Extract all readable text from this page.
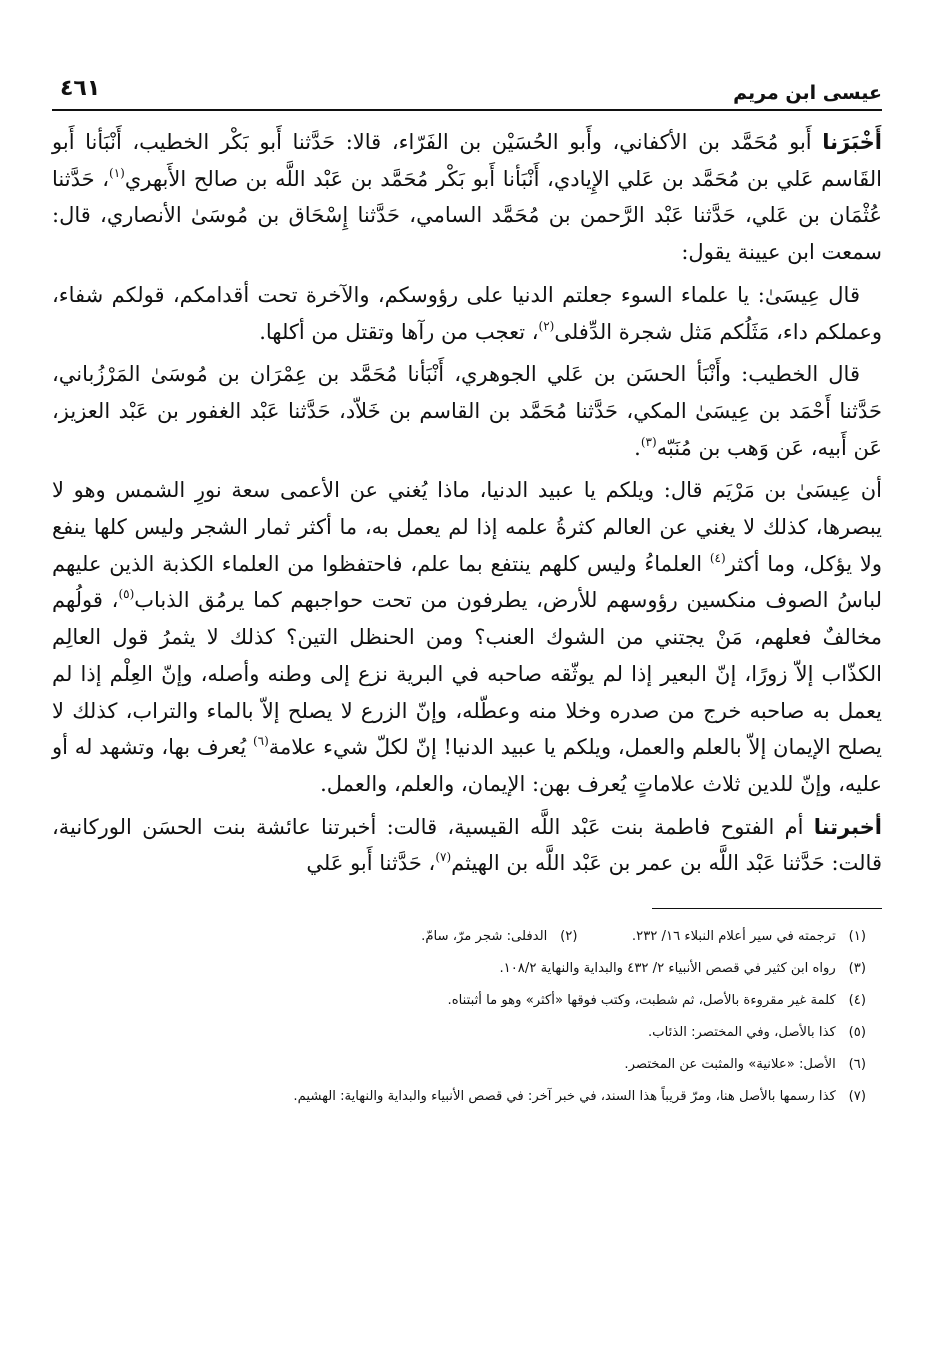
عيسى ابن مريم
٤٦١

أَخْبَرَنا أَبو مُحَمَّد بن الأكفاني، وأَبو الحُسَيْن بن الفَرّاء، قالا: حَدَّثنا أَبو بَكْر الخطيب، أَنْبَأنا أَبو القَاسم عَلي بن مُحَمَّد بن عَلي الإِيادي، أَنْبَأنا أَبو بَكْر مُحَمَّد بن عَبْد اللَّه بن صالح الأَبهري$^{(١)}$، حَدَّثنا عُثْمَان بن عَلي، حَدَّثنا عَبْد الرَّحمن بن مُحَمَّد السامي، حَدَّثنا إِسْحَاق بن مُوسَىٰ الأنصاري، قال: سمعت ابن عيينة يقول:

قال عِيسَىٰ: يا علماء السوء جعلتم الدنيا على رؤوسكم، والآخرة تحت أقدامكم، قولكم شفاء، وعملكم داء، مَثَلُكم مَثل شجرة الدِّفلى$^{(٢)}$، تعجب من رآها وتقتل من أكلها.

قال الخطيب: وأَنْبَأ الحسَن بن عَلي الجوهري، أَنْبَأنا مُحَمَّد بن عِمْرَان بن مُوسَىٰ المَرْزُباني، حَدَّثنا أَحْمَد بن عِيسَىٰ المكي، حَدَّثنا مُحَمَّد بن القاسم بن خَلاّد، حَدَّثنا عَبْد الغفور بن عَبْد العزيز، عَن أَبيه، عَن وَهب بن مُنَبّه$^{(٣)}$.

أن عِيسَىٰ بن مَرْيَم قال: ويلكم يا عبيد الدنيا، ماذا يُغني عن الأعمى سعة نورِ الشمس وهو لا يبصرها، كذلك لا يغني عن العالم كثرةُ علمه إذا لم يعمل به، ما أكثر ثمار الشجر وليس كلها ينفع ولا يؤكل، وما أكثر$^{(٤)}$ العلماءُ وليس كلهم ينتفع بما علم، فاحتفظوا من العلماء الكذبة الذين عليهم لباسُ الصوف منكسين رؤوسهم للأرض، يطرفون من تحت حواجبهم كما يرمُق الذباب$^{(٥)}$، قولُهم مخالفٌ فعلهم، مَنْ يجتني من الشوك العنب؟ ومن الحنظل التين؟ كذلك لا يثمرُ قول العالِم الكذّاب إلاّ زورًا، إنّ البعير إذا لم يوثّقه صاحبه في البرية نزع إلى وطنه وأصله، وإنّ العِلْم إذا لم يعمل به صاحبه خرج من صدره وخلا منه وعطّله، وإنّ الزرع لا يصلح إلاّ بالماء والتراب، كذلك لا يصلح الإيمان إلاّ بالعلم والعمل، ويلكم يا عبيد الدنيا! إنّ لكلّ شيء علامة$^{(٦)}$ يُعرف بها، وتشهد له أو عليه، وإنّ للدين ثلاث علاماتٍ يُعرف بهن: الإيمان، والعلم، والعمل.

أخبرتنا أم الفتوح فاطمة بنت عَبْد اللَّه القيسية، قالت: أخبرتنا عائشة بنت الحسَن الوركانية، قالت: حَدَّثنا عَبْد اللَّه بن عمر بن عَبْد اللَّه بن الهيثم$^{(٧)}$، حَدَّثنا أَبو عَلي

(١) ترجمته في سير أعلام النبلاء ١٦/ ٢٣٢.  (٢) الدفلى: شجر مرّ، سامّ.
(٣) رواه ابن كثير في قصص الأنبياء ٢/ ٤٣٢ والبداية والنهاية ١٠٨/٢.
(٤) كلمة غير مقروءة بالأصل، ثم شطبت، وكتب فوقها «أكثر» وهو ما أثبتناه.
(٥) كذا بالأصل، وفي المختصر: الذئاب.
(٦) الأصل: «علانية» والمثبت عن المختصر.
(٧) كذا رسمها بالأصل هنا، ومرّ قريباً هذا السند، في خبر آخر: في قصص الأنبياء والبداية والنهاية: الهشيم.
